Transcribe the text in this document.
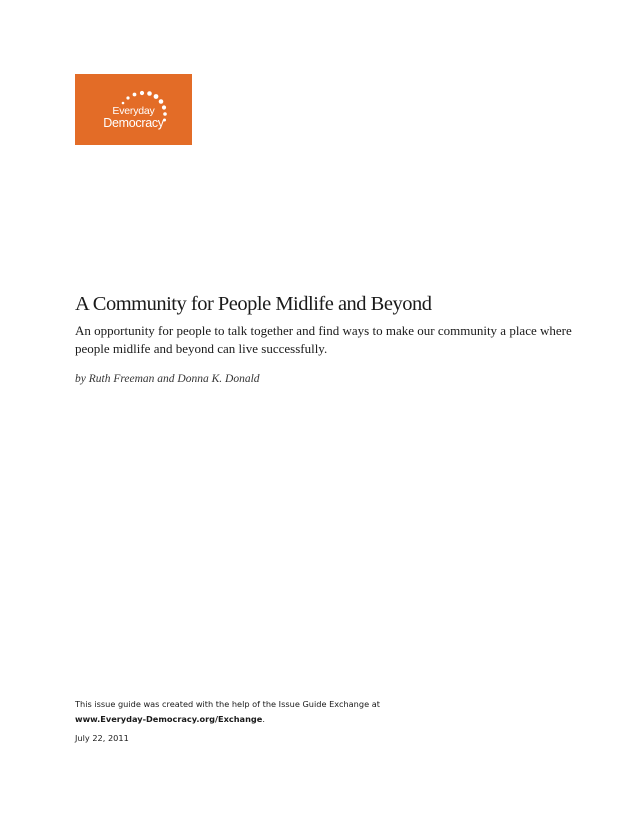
Everyday
Democracy
A Community for People Midlife and Beyond

An opportunity for people to talk together and find ways to make our community a place where people midlife and beyond can live successfully.

by Ruth Freeman and Donna K. Donald

This issue guide was created with the help of the Issue Guide Exchange at
www.Everyday-Democracy.org/Exchange.
July 22, 2011
